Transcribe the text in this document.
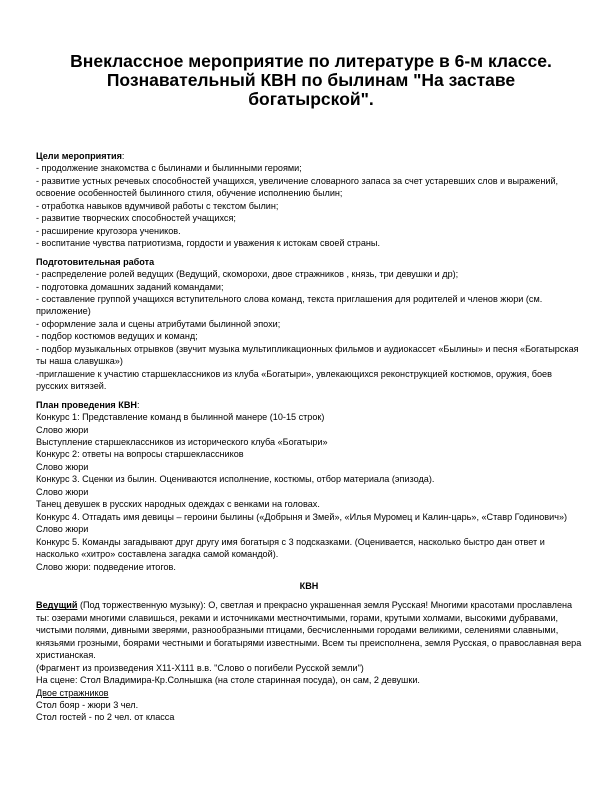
Внеклассное мероприятие по литературе в 6-м классе.
Познавательный КВН по былинам "На заставе
богатырской".

Цели мероприятия:

- продолжение знакомства с былинами и былинными героями;

- развитие устных речевых способностей учащихся, увеличение словарного запаса за счет устаревших слов и выражений, освоение особенностей былинного стиля, обучение исполнению былин;

- отработка навыков вдумчивой работы с текстом былин;

- развитие творческих способностей учащихся;

- расширение кругозора учеников.

- воспитание чувства патриотизма, гордости и уважения к истокам своей страны.

Подготовительная работа

- распределение ролей ведущих (Ведущий, скоморохи, двое стражников , князь, три девушки и др);

- подготовка домашних заданий командами;

- составление группой учащихся вступительного слова команд, текста приглашения для родителей и членов жюри (см. приложение)

- оформление зала и сцены атрибутами былинной эпохи;

- подбор костюмов ведущих и команд;

- подбор музыкальных отрывков (звучит музыка мультипликационных фильмов и аудиокассет «Былины» и песня «Богатырская ты наша славушка»)

-приглашение к участию старшеклассников из клуба «Богатыри», увлекающихся реконструкцией костюмов, оружия, боев русских витязей.

План проведения КВН:

Конкурс 1: Представление команд в былинной манере (10-15 строк)

Слово жюри

Выступление старшеклассников из исторического клуба «Богатыри»

Конкурс 2: ответы на вопросы старшеклассников

Слово жюри

Конкурс 3. Сценки из былин. Оцениваются исполнение, костюмы, отбор материала (эпизода).

Слово жюри

Танец девушек в русских народных одеждах с венками на головах.

Конкурс 4. Отгадать имя девицы – героини былины («Добрыня и Змей», «Илья Муромец и Калин-царь», «Ставр Годинович»)

Слово жюри

Конкурс 5. Команды загадывают друг другу имя богатыря с 3 подсказками. (Оценивается, насколько быстро дан ответ и насколько «хитро» составлена загадка самой командой).

Слово жюри: подведение итогов.

КВН

Ведущий (Под торжественную музыку): О, светлая и прекрасно украшенная земля Русская! Многими красотами прославлена ты: озерами многими славишься, реками и источниками местночтимыми, горами, крутыми холмами, высокими дубравами, чистыми полями, дивными зверями, разнообразными птицами, бесчисленными городами великими, селениями славными, князьями грозными, боярами честными и богатырями известными. Всем ты преисполнена, земля Русская, о православная вера христианская.

(Фрагмент из произведения Х11-Х111 в.в. "Слово о погибели Русской земли")

На сцене: Стол Владимира-Кр.Солнышка (на столе старинная посуда), он сам, 2 девушки.

Двое стражников

Стол бояр - жюри 3 чел.

Стол гостей - по 2 чел. от класса
